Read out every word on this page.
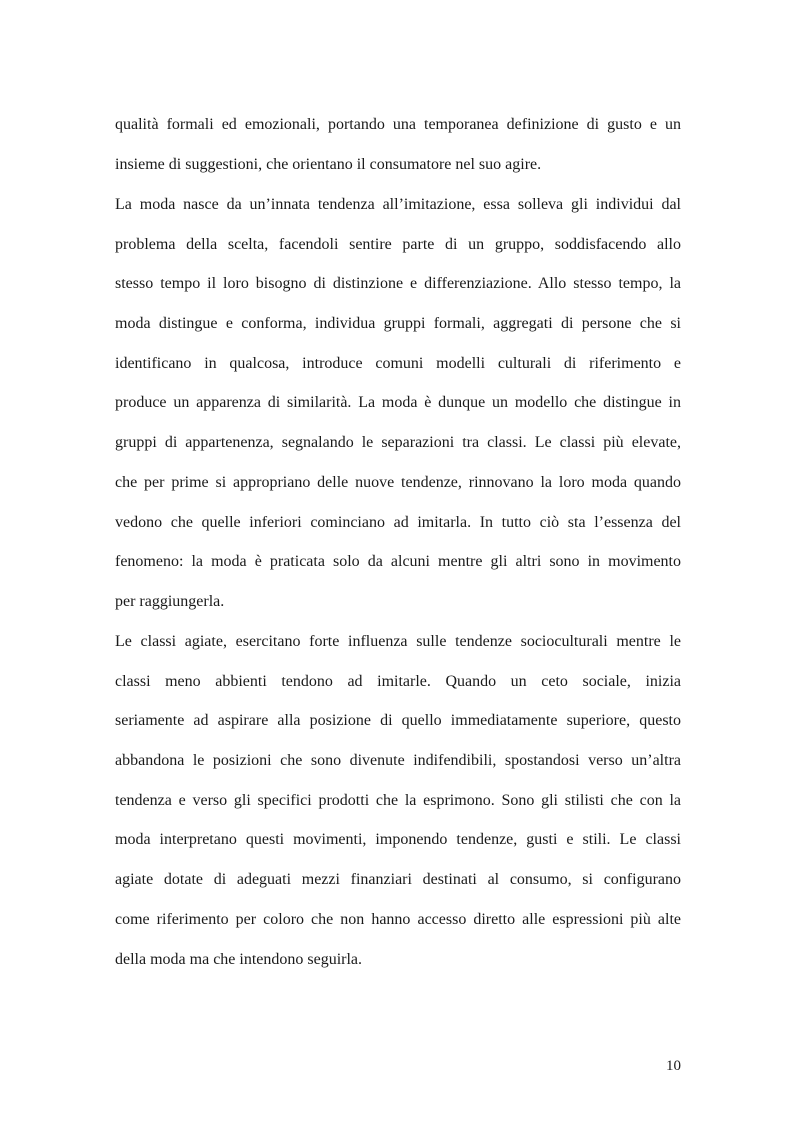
qualità formali ed emozionali, portando una temporanea definizione di gusto e un

insieme di suggestioni, che orientano il consumatore nel suo agire.

La moda nasce da un’innata tendenza all’imitazione, essa solleva gli individui dal

problema della scelta, facendoli sentire parte di un gruppo, soddisfacendo allo

stesso tempo il loro bisogno di distinzione e differenziazione. Allo stesso tempo, la

moda distingue e conforma, individua gruppi formali, aggregati di persone che si

identificano in qualcosa, introduce comuni modelli culturali di riferimento e

produce un apparenza di similarità. La moda è dunque un modello che distingue in

gruppi di appartenenza, segnalando le separazioni tra classi. Le classi più elevate,

che per prime si appropriano delle nuove tendenze, rinnovano la loro moda quando

vedono che quelle inferiori cominciano ad imitarla. In tutto ciò sta l’essenza del

fenomeno: la moda è praticata solo da alcuni mentre gli altri sono in movimento

per raggiungerla.

Le classi agiate, esercitano forte influenza sulle tendenze socioculturali mentre le

classi meno abbienti tendono ad imitarle. Quando un ceto sociale, inizia

seriamente ad aspirare alla posizione di quello immediatamente superiore, questo

abbandona le posizioni che sono divenute indifendibili, spostandosi verso un’altra

tendenza e verso gli specifici prodotti che la esprimono. Sono gli stilisti che con la

moda interpretano questi movimenti, imponendo tendenze, gusti e stili. Le classi

agiate dotate di adeguati mezzi finanziari destinati al consumo, si configurano

come riferimento per coloro che non hanno accesso diretto alle espressioni più alte

della moda ma che intendono seguirla.

10
